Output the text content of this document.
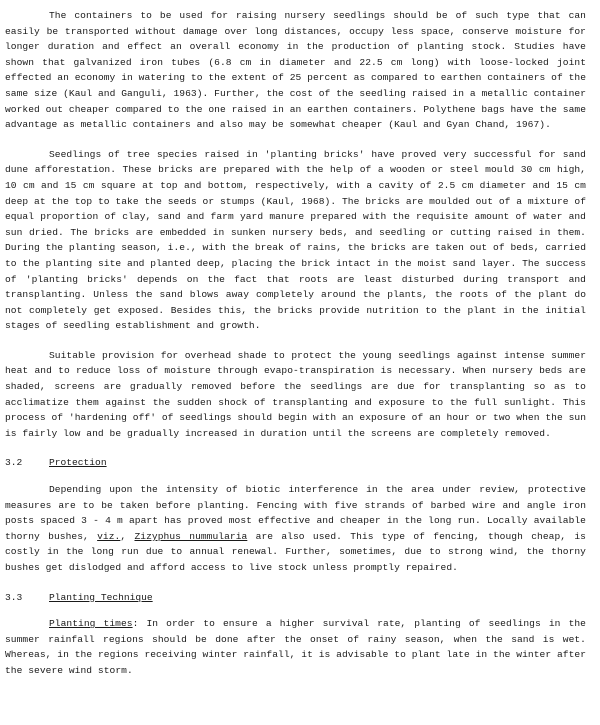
The containers to be used for raising nursery seedlings should be of such type that can easily be transported without damage over long distances, occupy less space, conserve moisture for longer duration and effect an overall economy in the production of planting stock. Studies have shown that galvanized iron tubes (6.8 cm in diameter and 22.5 cm long) with loose-locked joint effected an economy in watering to the extent of 25 percent as compared to earthen containers of the same size (Kaul and Ganguli, 1963). Further, the cost of the seedling raised in a metallic container worked out cheaper compared to the one raised in an earthen containers. Polythene bags have the same advantage as metallic containers and also may be somewhat cheaper (Kaul and Gyan Chand, 1967).

Seedlings of tree species raised in 'planting bricks' have proved very successful for sand dune afforestation. These bricks are prepared with the help of a wooden or steel mould 30 cm high, 10 cm and 15 cm square at top and bottom, respectively, with a cavity of 2.5 cm diameter and 15 cm deep at the top to take the seeds or stumps (Kaul, 1968). The bricks are moulded out of a mixture of equal proportion of clay, sand and farm yard manure prepared with the requisite amount of water and sun dried. The bricks are embedded in sunken nursery beds, and seedling or cutting raised in them. During the planting season, i.e., with the break of rains, the bricks are taken out of beds, carried to the planting site and planted deep, placing the brick intact in the moist sand layer. The success of 'planting bricks' depends on the fact that roots are least disturbed during transport and transplanting. Unless the sand blows away completely around the plants, the roots of the plant do not completely get exposed. Besides this, the bricks provide nutrition to the plant in the initial stages of seedling establishment and growth.

Suitable provision for overhead shade to protect the young seedlings against intense summer heat and to reduce loss of moisture through evapo-transpiration is necessary. When nursery beds are shaded, screens are gradually removed before the seedlings are due for transplanting so as to acclimatize them against the sudden shock of transplanting and exposure to the full sunlight. This process of 'hardening off' of seedlings should begin with an exposure of an hour or two when the sun is fairly low and be gradually increased in duration until the screens are completely removed.

3.2	Protection

Depending upon the intensity of biotic interference in the area under review, protective measures are to be taken before planting. Fencing with five strands of barbed wire and angle iron posts spaced 3 - 4 m apart has proved most effective and cheaper in the long run. Locally available thorny bushes, viz., Zizyphus nummularia are also used. This type of fencing, though cheap, is costly in the long run due to annual renewal. Further, sometimes, due to strong wind, the thorny bushes get dislodged and afford access to live stock unless promptly repaired.

3.3	Planting Technique

Planting times: In order to ensure a higher survival rate, planting of seedlings in the summer rainfall regions should be done after the onset of rainy season, when the sand is wet. Whereas, in the regions receiving winter rainfall, it is advisable to plant late in the winter after the severe wind storm.
